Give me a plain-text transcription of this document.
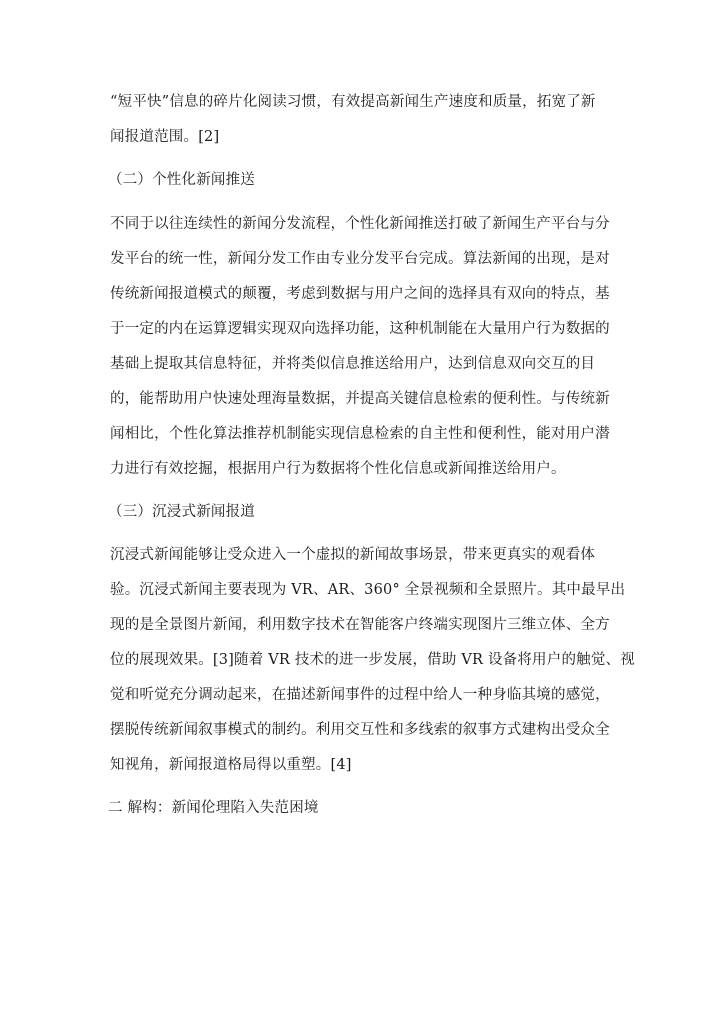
“短平快”信息的碎片化阅读习惯，有效提高新闻生产速度和质量，拓宽了新
闻报道范围。[2]
（二）个性化新闻推送
不同于以往连续性的新闻分发流程，个性化新闻推送打破了新闻生产平台与分
发平台的统一性，新闻分发工作由专业分发平台完成。算法新闻的出现，是对
传统新闻报道模式的颠覆，考虑到数据与用户之间的选择具有双向的特点，基
于一定的内在运算逻辑实现双向选择功能，这种机制能在大量用户行为数据的
基础上提取其信息特征，并将类似信息推送给用户，达到信息双向交互的目
的，能帮助用户快速处理海量数据，并提高关键信息检索的便利性。与传统新
闻相比，个性化算法推荐机制能实现信息检索的自主性和便利性，能对用户潜
力进行有效挖掘，根据用户行为数据将个性化信息或新闻推送给用户。
（三）沉浸式新闻报道
沉浸式新闻能够让受众进入一个虚拟的新闻故事场景，带来更真实的观看体
验。沉浸式新闻主要表现为 VR、AR、360° 全景视频和全景照片。其中最早出
现的是全景图片新闻，利用数字技术在智能客户终端实现图片三维立体、全方
位的展现效果。[3]随着 VR 技术的进一步发展，借助 VR 设备将用户的触觉、视
觉和听觉充分调动起来，在描述新闻事件的过程中给人一种身临其境的感觉，
摆脱传统新闻叙事模式的制约。利用交互性和多线索的叙事方式建构出受众全
知视角，新闻报道格局得以重塑。[4]
二 解构：新闻伦理陷入失范困境
